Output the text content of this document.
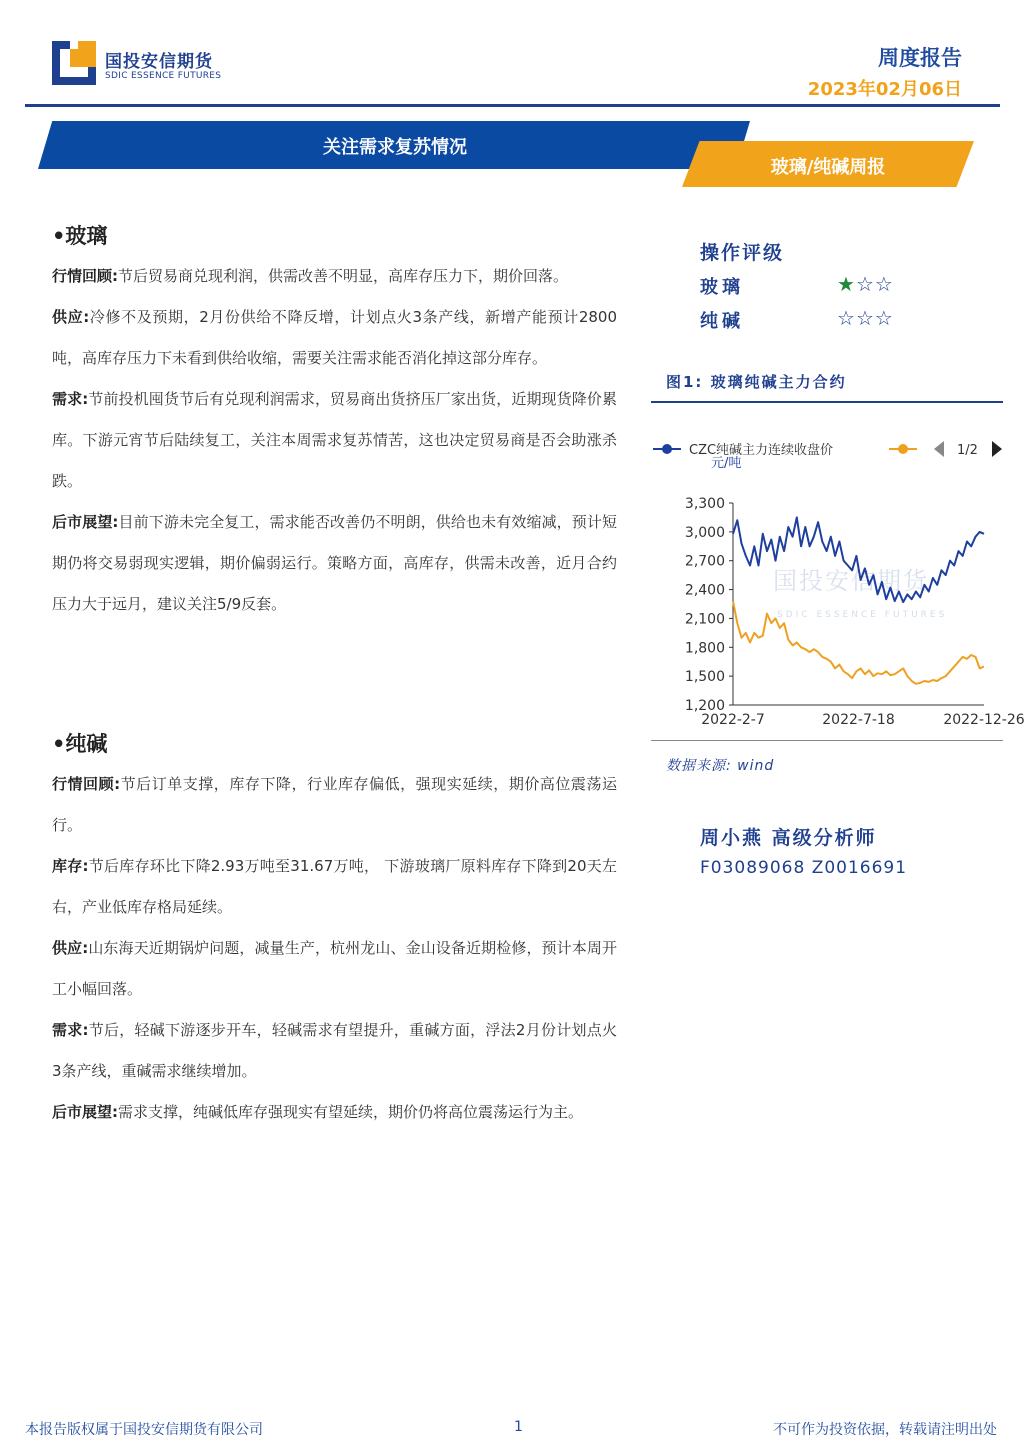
国投安信期货
SDIC ESSENCE FUTURES
周度报告
2023年02月06日
关注需求复苏情况
玻璃/纯碱周报
•玻璃

行情回顾:节后贸易商兑现利润，供需改善不明显，高库存压力下，期价回落。

供应:冷修不及预期，2月份供给不降反增，计划点火3条产线，新增产能预计2800吨，高库存压力下未看到供给收缩，需要关注需求能否消化掉这部分库存。

需求:节前投机囤货节后有兑现利润需求，贸易商出货挤压厂家出货，近期现货降价累库。下游元宵节后陆续复工，关注本周需求复苏情苦，这也决定贸易商是否会助涨杀跌。

后市展望:目前下游未完全复工，需求能否改善仍不明朗，供给也未有效缩减，预计短期仍将交易弱现实逻辑，期价偏弱运行。策略方面，高库存，供需未改善，近月合约压力大于远月，建议关注5/9反套。

•纯碱

行情回顾:节后订单支撑，库存下降，行业库存偏低，强现实延续，期价高位震荡运行。

库存:节后库存环比下降2.93万吨至31.67万吨， 下游玻璃厂原料库存下降到20天左右，产业低库存格局延续。

供应:山东海天近期锅炉问题，减量生产，杭州龙山、金山设备近期检修，预计本周开工小幅回落。

需求:节后，轻碱下游逐步开车，轻碱需求有望提升，重碱方面，浮法2月份计划点火3条产线，重碱需求继续增加。

后市展望:需求支撑，纯碱低库存强现实有望延续，期价仍将高位震荡运行为主。

操作评级
玻璃	★☆☆
纯碱	☆☆☆
图1: 玻璃纯碱主力合约
CZC纯碱主力连续收盘价	1/2
元/吨
国投安信期货
SDIC ESSENCE FUTURES
3,300
3,000
2,700
2,400
2,100
1,800
1,500
1,200
2022-2-7	2022-7-18	2022-12-26
数据来源: wind
周小燕 高级分析师
F03089068 Z0016691
本报告版权属于国投安信期货有限公司	1	不可作为投资依据，转载请注明出处
